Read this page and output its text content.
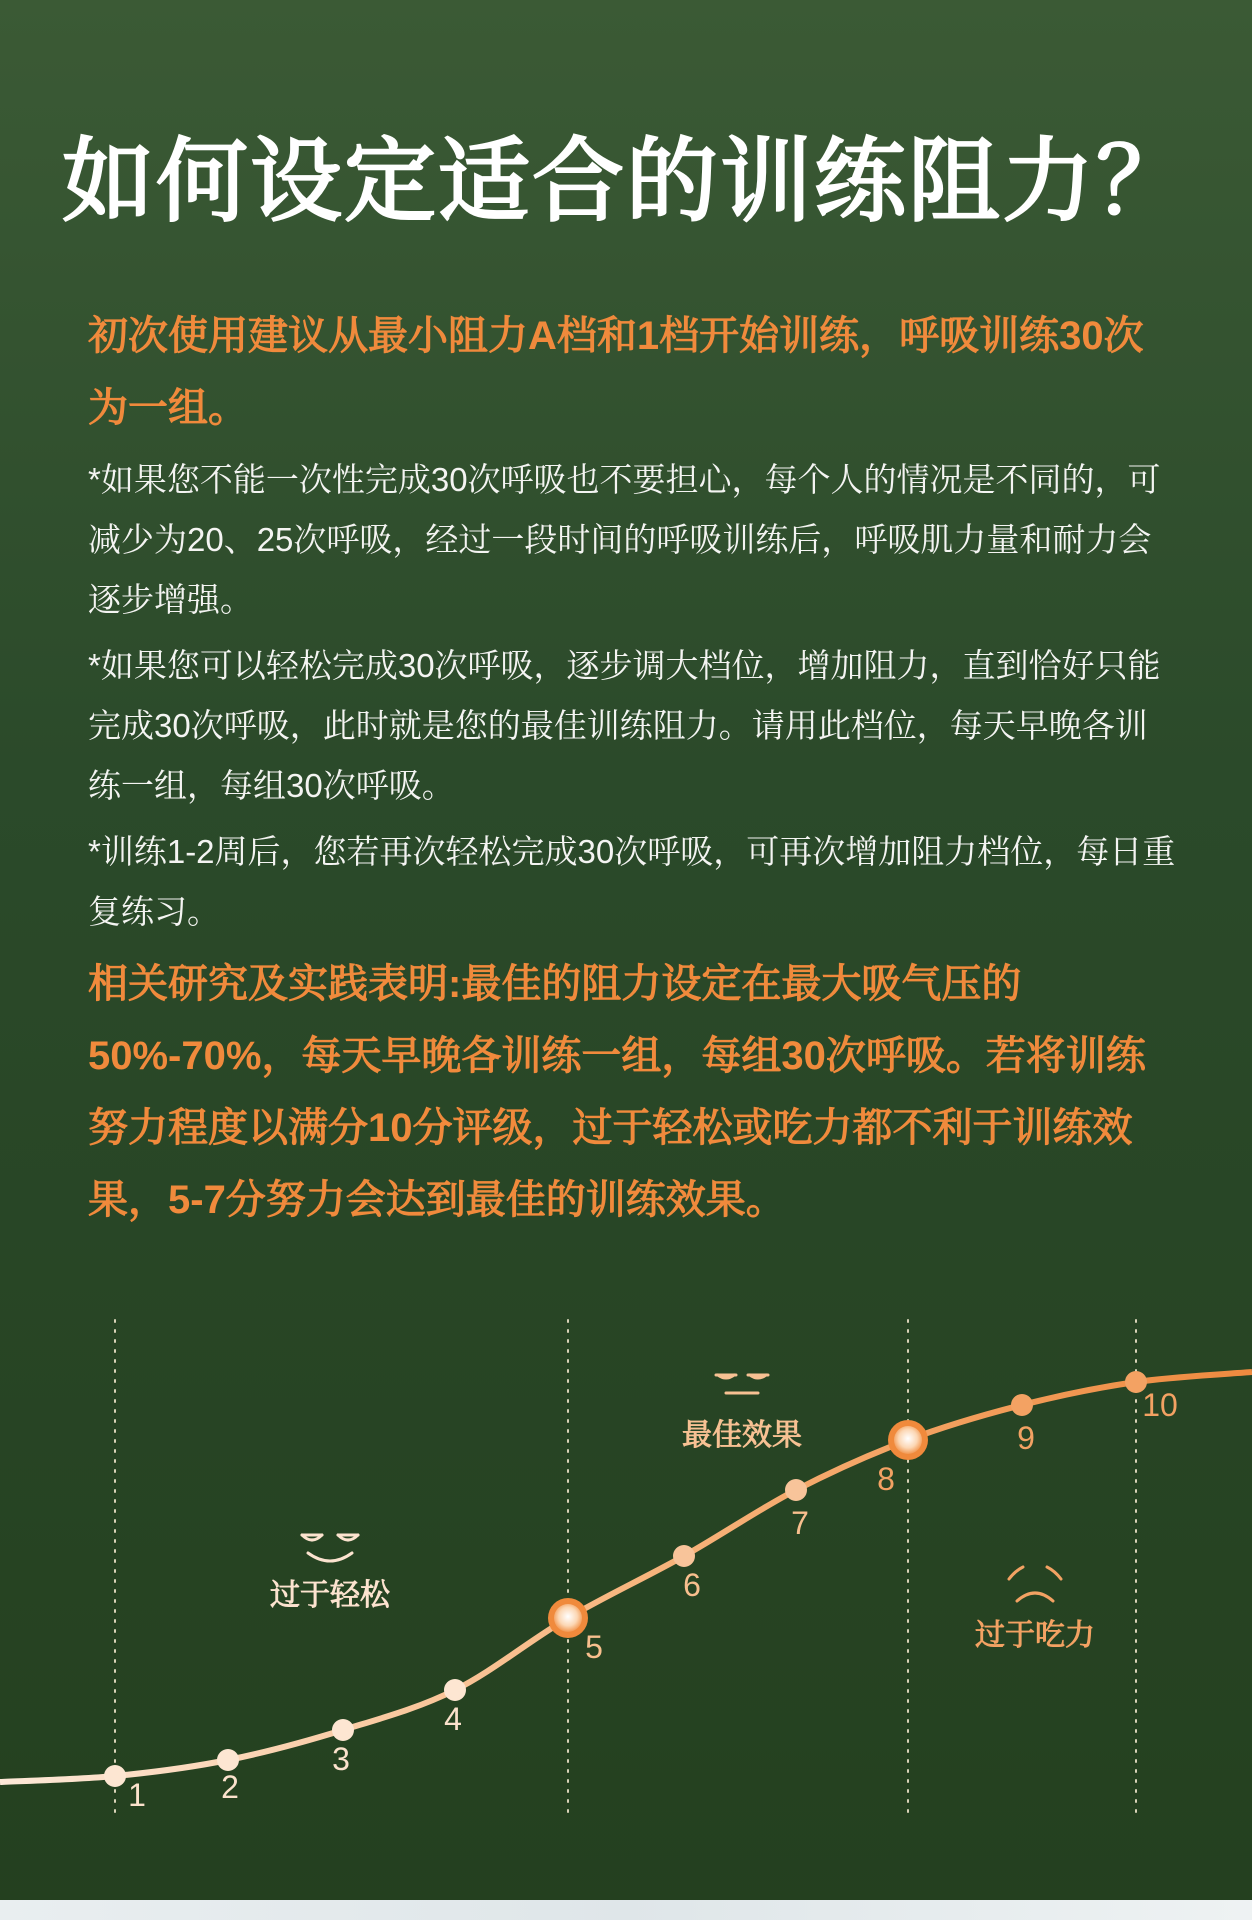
如何设定适合的训练阻力？

初次使用建议从最小阻力A档和1档开始训练，呼吸训练30次为一组。

*如果您不能一次性完成30次呼吸也不要担心，每个人的情况是不同的，可减少为20、25次呼吸，经过一段时间的呼吸训练后，呼吸肌力量和耐力会逐步增强。

*如果您可以轻松完成30次呼吸，逐步调大档位，增加阻力，直到恰好只能完成30次呼吸，此时就是您的最佳训练阻力。请用此档位，每天早晚各训练一组，每组30次呼吸。

*训练1-2周后，您若再次轻松完成30次呼吸，可再次增加阻力档位，每日重复练习。

相关研究及实践表明:最佳的阻力设定在最大吸气压的50%-70%，每天早晚各训练一组，每组30次呼吸。若将训练努力程度以满分10分评级，过于轻松或吃力都不利于训练效果，5-7分努力会达到最佳的训练效果。

1 2
3
4
5
6
7
8
9
10
过于轻松
最佳效果
过于吃力
